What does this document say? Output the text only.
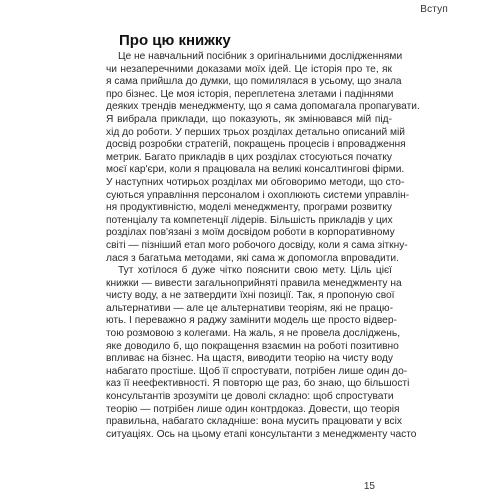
Вступ
Про цю книжку

Це не навчальний посібник з оригінальними дослідженнями
чи незаперечними доказами моїх ідей. Це історія про те, як
я сама прийшла до думки, що помилялася в усьому, що знала
про бізнес. Це моя історія, переплетена злетами і падіннями
деяких трендів менеджменту, що я сама допомагала пропагувати.
Я вибрала приклади, що показують, як змінювався мій під-
хід до роботи. У перших трьох розділах детально описаний мій
досвід розробки стратегій, покращень процесів і впровадження
метрик. Багато прикладів в цих розділах стосуються початку
моєї кар'єри, коли я працювала на великі консалтингові фірми.
У наступних чотирьох розділах ми обговоримо методи, що сто-
суються управління персоналом і охоплюють системи управлін-
ня продуктивністю, моделі менеджменту, програми розвитку
потенціалу та компетенції лідерів. Більшість прикладів у цих
розділах пов'язані з моїм досвідом роботи в корпоративному
світі — пізніший етап мого робочого досвіду, коли я сама зіткну-
лася з багатьма методами, які сама ж допомогла впровадити.

Тут хотілося б дуже чітко пояснити свою мету. Ціль цієї
книжки — вивести загальноприйняті правила менеджменту на
чисту воду, а не затвердити їхні позиції. Так, я пропоную свої
альтернативи — але це альтернативи теоріям, які не працю-
ють. І переважно я раджу замінити модель ще просто відвер-
тою розмовою з колегами. На жаль, я не провела досліджень,
яке доводило б, що покращення взаємин на роботі позитивно
впливає на бізнес. На щастя, виводити теорію на чисту воду
набагато простіше. Щоб її спростувати, потрібен лише один до-
каз її неефективності. Я повторю ще раз, бо знаю, що більшості
консультантів зрозуміти це доволі складно: щоб спростувати
теорію — потрібен лише один контрдоказ. Довести, що теорія
правильна, набагато складніше: вона мусить працювати у всіх
ситуаціях. Ось на цьому етапі консультанти з менеджменту часто

15
